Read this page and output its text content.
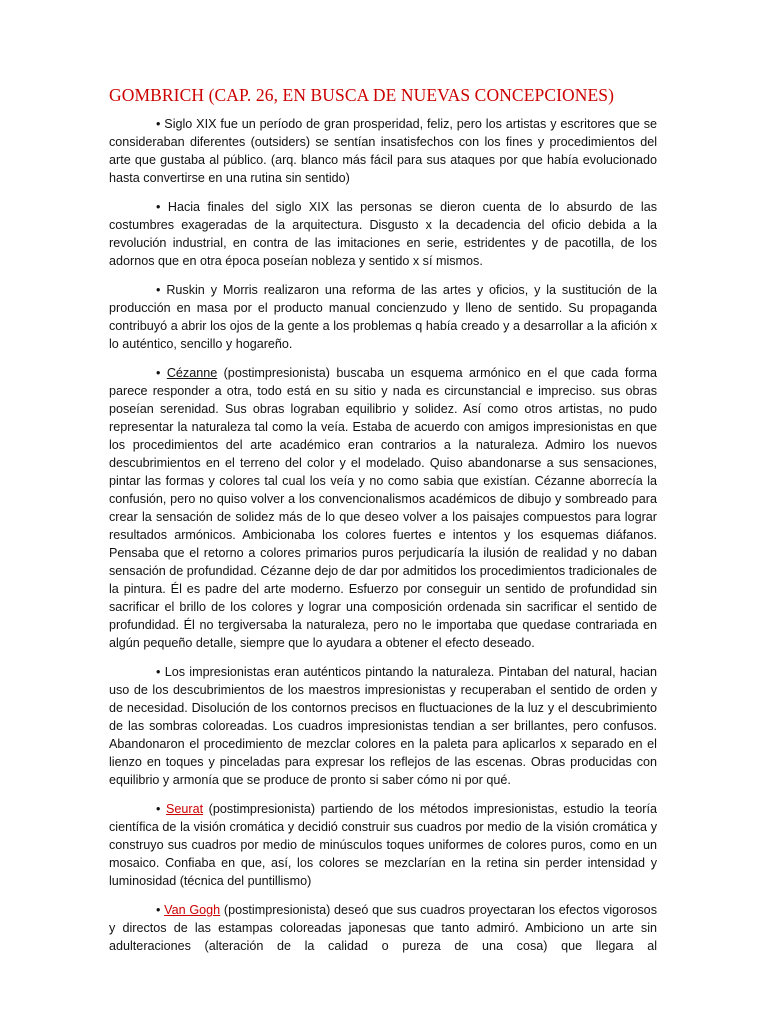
GOMBRICH (CAP. 26, EN BUSCA DE NUEVAS CONCEPCIONES)

• Siglo XIX fue un período de gran prosperidad, feliz, pero los artistas y escritores que se consideraban diferentes (outsiders) se sentían insatisfechos con los fines y procedimientos del arte que gustaba al público. (arq. blanco más fácil para sus ataques por que había evolucionado hasta convertirse en una rutina sin sentido)

• Hacia finales del siglo XIX las personas se dieron cuenta de lo absurdo de las costumbres exageradas de la arquitectura. Disgusto x la decadencia del oficio debida a la revolución industrial, en contra de las imitaciones en serie, estridentes y de pacotilla, de los adornos que en otra época poseían nobleza y sentido x sí mismos.

• Ruskin y Morris realizaron una reforma de las artes y oficios, y la sustitución de la producción en masa por el producto manual concienzudo y lleno de sentido. Su propaganda contribuyó a abrir los ojos de la gente a los problemas q había creado y a desarrollar a la afición x lo auténtico, sencillo y hogareño.

• Cézanne (postimpresionista) buscaba un esquema armónico en el que cada forma parece responder a otra, todo está en su sitio y nada es circunstancial e impreciso. sus obras poseían serenidad. Sus obras lograban equilibrio y solidez. Así como otros artistas, no pudo representar la naturaleza tal como la veía. Estaba de acuerdo con amigos impresionistas en que los procedimientos del arte académico eran contrarios a la naturaleza. Admiro los nuevos descubrimientos en el terreno del color y el modelado. Quiso abandonarse a sus sensaciones, pintar las formas y colores tal cual los veía y no como sabia que existían. Cézanne aborrecía la confusión, pero no quiso volver a los convencionalismos académicos de dibujo y sombreado para crear la sensación de solidez más de lo que deseo volver a los paisajes compuestos para lograr resultados armónicos. Ambicionaba los colores fuertes e intentos y los esquemas diáfanos. Pensaba que el retorno a colores primarios puros perjudicaría la ilusión de realidad y no daban sensación de profundidad. Cézanne dejo de dar por admitidos los procedimientos tradicionales de la pintura. Él es padre del arte moderno. Esfuerzo por conseguir un sentido de profundidad sin sacrificar el brillo de los colores y lograr una composición ordenada sin sacrificar el sentido de profundidad. Él no tergiversaba la naturaleza, pero no le importaba que quedase contrariada en algún pequeño detalle, siempre que lo ayudara a obtener el efecto deseado.

• Los impresionistas eran auténticos pintando la naturaleza. Pintaban del natural, hacian uso de los descubrimientos de los maestros impresionistas y recuperaban el sentido de orden y de necesidad. Disolución de los contornos precisos en fluctuaciones de la luz y el descubrimiento de las sombras coloreadas. Los cuadros impresionistas tendian a ser brillantes, pero confusos. Abandonaron el procedimiento de mezclar colores en la paleta para aplicarlos x separado en el lienzo en toques y pinceladas para expresar los reflejos de las escenas. Obras producidas con equilibrio y armonía que se produce de pronto si saber cómo ni por qué.

• Seurat (postimpresionista) partiendo de los métodos impresionistas, estudio la teoría científica de la visión cromática y decidió construir sus cuadros por medio de la visión cromática y construyo sus cuadros por medio de minúsculos toques uniformes de colores puros, como en un mosaico. Confiaba en que, así, los colores se mezclarían en la retina sin perder intensidad y luminosidad (técnica del puntillismo)

• Van Gogh (postimpresionista) deseó que sus cuadros proyectaran los efectos vigorosos y directos de las estampas coloreadas japonesas que tanto admiró. Ambiciono un arte sin adulteraciones (alteración de la calidad o pureza de una cosa) que llegara al
